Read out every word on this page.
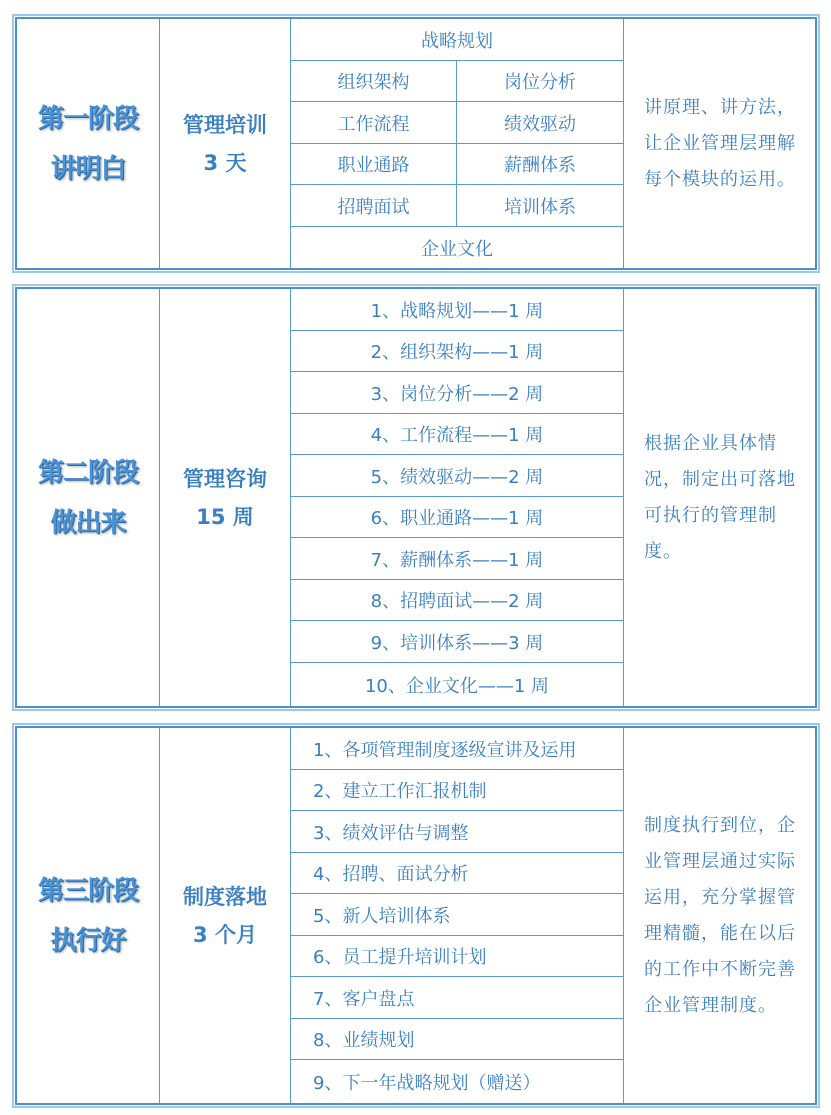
第一阶段
讲明白
管理培训
3 天
战略规划
组织架构	岗位分析
工作流程	绩效驱动
职业通路	薪酬体系
招聘面试	培训体系
企业文化
讲原理、讲方法，让企业管理层理解每个模块的运用。
第二阶段
做出来
管理咨询
15 周
1、战略规划——1 周
2、组织架构——1 周
3、岗位分析——2 周
4、工作流程——1 周
5、绩效驱动——2 周
6、职业通路——1 周
7、薪酬体系——1 周
8、招聘面试——2 周
9、培训体系——3 周
10、企业文化——1 周
根据企业具体情况，制定出可落地可执行的管理制度。
第三阶段
执行好
制度落地
3 个月
1、各项管理制度逐级宣讲及运用
2、建立工作汇报机制
3、绩效评估与调整
4、招聘、面试分析
5、新人培训体系
6、员工提升培训计划
7、客户盘点
8、业绩规划
9、下一年战略规划（赠送）
制度执行到位，企业管理层通过实际运用，充分掌握管理精髓，能在以后的工作中不断完善企业管理制度。
